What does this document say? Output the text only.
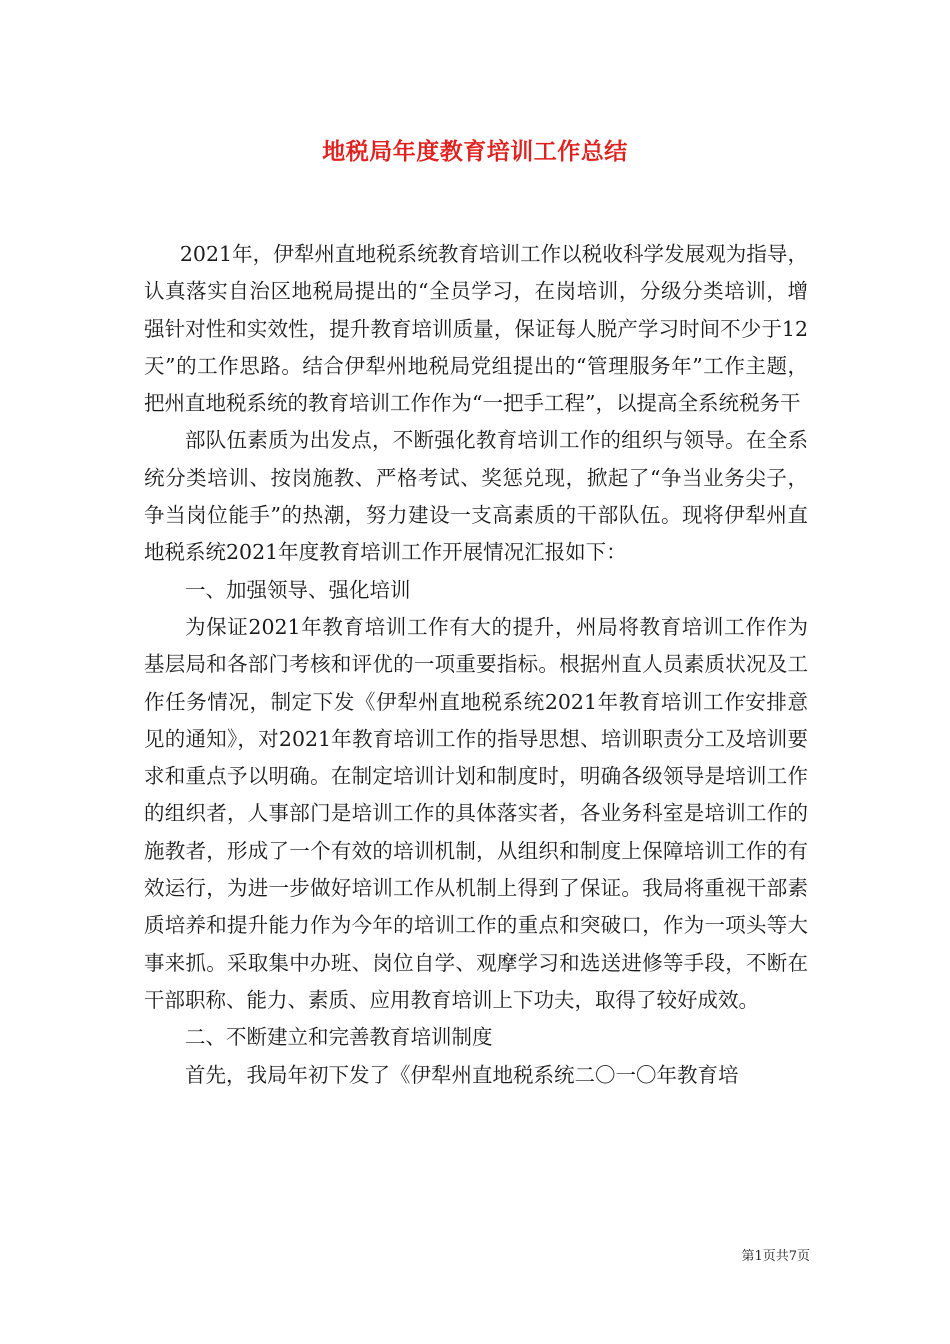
地税局年度教育培训工作总结

2021年，伊犁州直地税系统教育培训工作以税收科学发展观为指导，认真落实自治区地税局提出的“全员学习，在岗培训，分级分类培训，增强针对性和实效性，提升教育培训质量，保证每人脱产学习时间不少于12天”的工作思路。结合伊犁州地税局党组提出的“管理服务年”工作主题，把州直地税系统的教育培训工作作为“一把手工程”，以提高全系统税务干

部队伍素质为出发点，不断强化教育培训工作的组织与领导。在全系统分类培训、按岗施教、严格考试、奖惩兑现，掀起了“争当业务尖子，争当岗位能手”的热潮，努力建设一支高素质的干部队伍。现将伊犁州直地税系统2021年度教育培训工作开展情况汇报如下：

一、加强领导、强化培训

为保证2021年教育培训工作有大的提升，州局将教育培训工作作为基层局和各部门考核和评优的一项重要指标。根据州直人员素质状况及工作任务情况，制定下发《伊犁州直地税系统2021年教育培训工作安排意见的通知》，对2021年教育培训工作的指导思想、培训职责分工及培训要求和重点予以明确。在制定培训计划和制度时，明确各级领导是培训工作的组织者，人事部门是培训工作的具体落实者，各业务科室是培训工作的施教者，形成了一个有效的培训机制，从组织和制度上保障培训工作的有效运行，为进一步做好培训工作从机制上得到了保证。我局将重视干部素质培养和提升能力作为今年的培训工作的重点和突破口，作为一项头等大事来抓。采取集中办班、岗位自学、观摩学习和选送进修等手段，不断在干部职称、能力、素质、应用教育培训上下功夫，取得了较好成效。

二、不断建立和完善教育培训制度

首先，我局年初下发了《伊犁州直地税系统二〇一〇年教育培

第1页共7页
